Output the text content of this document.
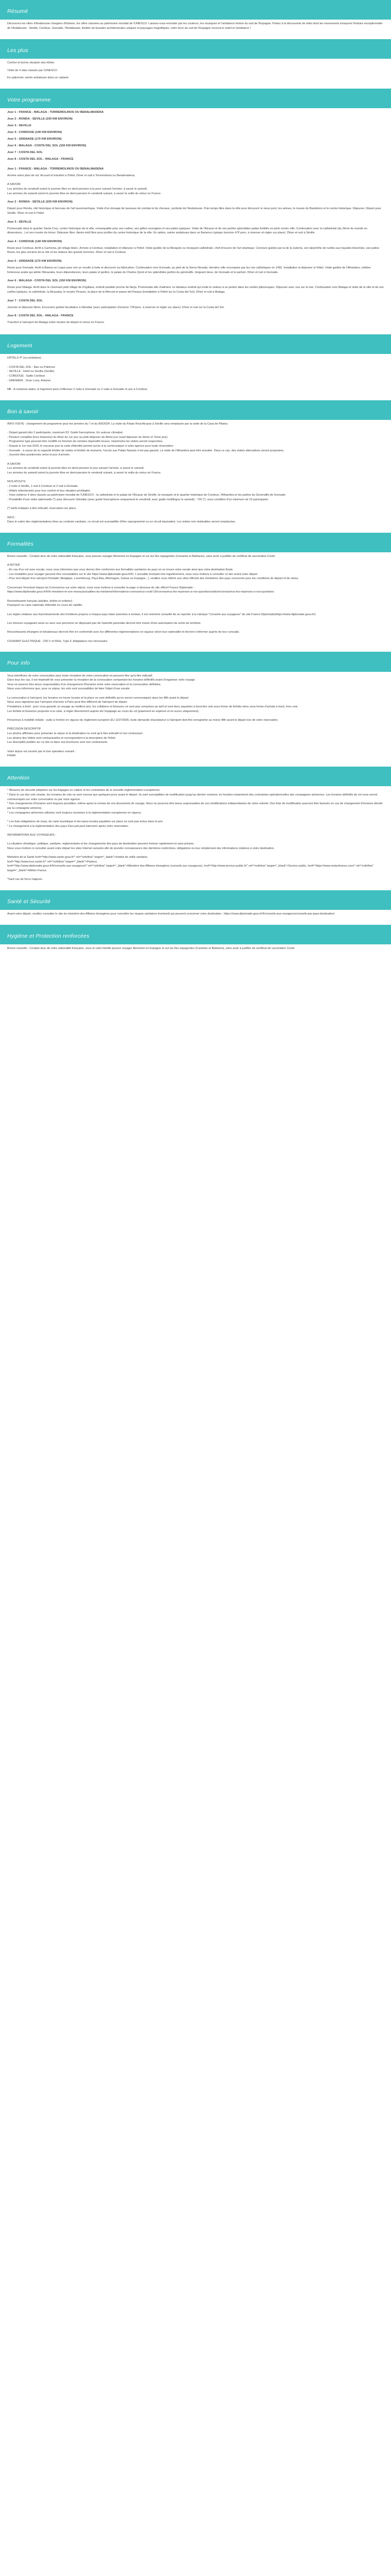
Résumé

Découvrez les villes d'Andalousie chargées d'histoire, les villes classées au patrimoine mondial de l'UNESCO. Laissez-vous envoûter par les couleurs, les musiques et l'ambiance festive du sud de l'Espagne. Partez à la découverte de villes dont les monuments évoquent l'histoire exceptionnelle de l'Andalousie : Séville, Cordoue, Grenade, l'Andalousie, théâtre de beautés architecturales uniques et paysages magnifiques, votre terre du sud de l'Espagne recevra le soleil et l'ambiance !

Les plus
Confort et bonne situation des hôtels
Visite de 4 sites classés par l'UNESCO
En optionnel, soirée andalouse dans un cabaret
Votre programme
Jour 1 : FRANCE - MALAGA - TORREMOLINOS OU BENALMADENA
Jour 2 : RONDA - SEVILLE (230 KM ENVIRON)
Jour 3 : SEVILLE
Jour 4 : CORDOUE (140 KM ENVIRON)
Jour 5 : GRENADE (170 KM ENVIRON)
Jour 6 : MALAGA - COSTA DEL SOL (150 KM ENVIRON)
Jour 7 : COSTA DEL SOL
Jour 8 : COSTA DEL SOL - MALAGA - FRANCE
Jour 1 : FRANCE - MALAGA - TORREMOLINOS OU BENALMADENA
Arrivée selon plan de vol. Accueil et transfert à l'hôtel. Dîner et nuit à Torremolinos ou Benalmadena.

A SAVOIR
Les arrivées du vendredi soient le journée libre en demi-pension à la pour suivant l'arrivée, à savoir le samedi.
Les arrivées du samedi soient le journée libre en demi-pension le vendredi suivant, à savoir la veille du retour en France.
Jour 2 : RONDA - SEVILLE (230 KM ENVIRON)
Départ pour Ronda, cité historique et berceau de l'art tauromachique. Visite d'un élevage de taureaux de combat et de chevaux, symbole de l'Andalousie. Puis temps libre dans la ville pour découvrir le vieux pont, les arènes, le musée du Bandolero et le centre historique. Déjeuner. Départ pour Séville. Dîner et nuit à l'hôtel.
Jour 3 : SEVILLE
Promenade dans le quartier Santa Cruz, centre historique de la ville, remarquable pour ses ruelles, ses grilles ouvragées et ses patios typiques. Visite de l'Alcazar et de ses jardins splendides palais fortifiés en plein centre ville. Continuation avec la cathédrale (du 3ème du monde en dimensions...) et son musée du trésor. Déjeuner libre. Après-midi libre pour profiter du centre historique de la ville. En option, soirée andalouse dans un flamenco typique (environ 47€ pers. à réserver et régler sur place). Dîner et nuit à Séville.
Jour 4 : CORDOUE (140 KM ENVIRON)
Route pour Cordoue. Arrêt à Carmona, joli village blanc. Arrivée à Cordoue, installation et déjeuner à l'hôtel. Visite guidée de la Mosquée ou mosquée-cathédrale, chef-d'oeuvre de l'art islamique. Conclure guidée par la de la Judería, son labyrinthe de ruelles aux façades blanchies, ses patios fleuris, les plus anciens de la cité et les statues des grands hommes. Dîner et nuit à Cordoue.
Jour 5 : GRENADE (170 KM ENVIRON)
Route pour Grenade. Arrêt à Baena ou Luque pour voir un moulin à huile et découvrir sa fabrication. Continuation vers Grenade, au pied de la Sierra Nevada, dernière ville reconquise par les rois catholiques en 1492. Installation et déjeuner à l'hôtel. Visite guidée de l'Alhambra, célèbre forteresse arabe qui abrite l'Alcazaba, leurs dépendances, leurs palais et jardins, le palais de Charles Quint et les splendides jardins du généralife, longeant deux, de Grenade et le parfum. Dîner et nuit à Grenade.
Jour 6 : MALAGA - COSTA DEL SOL (150 KM ENVIRON)
Route pour Malaga. Arrêt dans le charmant petit village de Frigiliana, endroit paisible proche de Nerja. Promenade afin d'admirer ce fabuleux endroit qui invite le visiteur à se perdre dans les ruelles pittoresques. Déjeuner avec vue sur la mer. Continuation vers Malaga et visite de la ville et de ses ruelles typiques, la cathédrale, la Alcazaba, le musée Picasso, la place de la Merced et paseo del Parque (installation à l'hôtel sur la Costa del Sol). Dîner et nuit à Malaga.
Jour 7 : COSTA DEL SOL
Journée et déjeuner libres. Excursion guidée facultative à Gibraltar (avec participation d'environ 72€/pers. à réserver et régler sur place). Dîner et nuit sur la Costa del Sol.
Jour 8 : COSTA DEL SOL - MALAGA - FRANCE
Transfert à l'aéroport de Malaga selon horaire de départ et retour en France.
Logement

HÔTELS 4* (ou similaires) :

- COSTA DEL SOL : Ilian ou Palomos
- SEVILLE : Hotel ou Sevilla (Seville)
- CORDOUE : Sallie Cordoue
- GRENADE : Gran Luna, Antares

NB : A certaines dates, le logement peut s'effectuer 2 nuits à Grenade ou 2 nuits à Grenade et une à Cordoue.

Bon à savoir

INFO VISITE : changement de programme pour les arrivées du 7 et du 8/6/2024. La visite du Palais Real Alcazar à Séville sera remplacée par la visite de la Casa de Pilatos.

- Départ garanti dès 2 participants, maximum 53. Guide francophone. En autocar climatisé.
- Pension complète (hors boissons) du dîner du 1er jour au petit déjeuner du 8ème jour (sauf déjeuner du 3ème et 7ème jour).
- Programme type pouvant être modifié en fonction de certains impératifs locaux, néanmoins les visites seront respectées.
- Depuis le 1er mai 2020, le nouveau jour la carte d'identité permet accès à la communiquer à votre agence pour toute réservation.
- Grenade : à cause de la capacité limitée de visites et limitée de tourisme, l'accès aux Palais Nasaris n'est pas garanti. La visite de l'Alhambra peut être annulée. Dans ce cas, des visites alternatives seront proposées.
- Journée libre positionnée selon le jour d'arrivée.

A SAVOIR
Les arrivées du vendredi soient la journée libre en demi-pension le jour suivant l'arrivée, à savoir le samedi.
Les arrivées du samedi soient la journée libre en demi-pension le vendredi suivant, à savoir la veille du retour en France.

NOS ATOUTS
- 2 nuits à Séville, 1 nuit à Cordoue et 2 nuit à Grenade.
- Hôtels sélectionnés pour leur confort et leur situation privilégiée.
- Vous visiterez 4 sites classés au patrimoine mondial de l'UNESCO : la cathédrale et le palais de l'Alcazar de Séville, la mosquée et le quartier historique de Cordoue, l'Alhambra et les jardins du Generalife de Grenade.
- Possibilité d'une visite optionnelle (*) pour découvrir Gibraltar (avec guide francophone uniquement le vendredi, avec guide multilingue le samedi) - 72€ (*), sous condition d'un minimum de 15 participants.

(*) tarifs indiqués à titre indicatif, réservation sur place.

INFO :
Dans le cadre des réglementations liées au contexte sanitaire, ce circuit est susceptible d'être reprogrammé ou un circuit équivalent. Les visites non réalisables seront remplacées.

Formalités

Bonne nouvelle : Compte tenu de votre nationalité française, vous pouvez voyager librement en Espagne et sur les îles espagnoles (Canaries et Baléares), sans avoir à justifier de certificat de vaccination Covid.

A NOTER
- En cas d'un vol avec escale, nous vous informons que vous devrez être conformes aux formalités sanitaires du pays où se trouve votre escale ainsi que votre destination finale.
- Les modalités pour voyager peuvent être consultables sur le site https://www.diplomatie.gouv.fr/fr/. L'actualité évoluant très régulièrement, nous vous invitons à consulter ce lien avant votre départ.
- Pour tout départ d'un aéroport frontalier (Belgique, Luxembourg, Pays-Bas, Allemagne, Suisse ou Espagne...), veuillez vous référer aux sites officiels des ministères des pays concernés pour les conditions de départ et de retour.

Concernant l'éventuel impact du Coronavirus sur votre séjour, nous vous invitons à consulter la page ci-dessous du site officiel France Diplomatie :
https://www.diplomatie.gouv.fr/fr/le-ministere-et-son-reseau/actualites-du-ministere/informations-coronavirus-covid-19/coronavirus-les-reponses-a-vos-questions/article/coronavirus-les-reponses-a-vos-questions

Ressortissants français (adultes, bébés et enfants) :
Passeport ou carte nationale d'identité en cours de validité.

Les règles relatives aux franchissements des frontières propres à chaque pays étant amenées à évoluer, il est vivement conseillé de se reporter à la rubrique "Conseils aux voyageurs" du site France Diplomatie(https://www.diplomatie.gouv.fr/)

Les mineurs voyageant seuls ou avec une personne ne disposant pas de l'autorité parentale devront être munis d'une autorisation de sortie de territoire.

Ressortissants étrangers et binationaux devront être en conformité avec les différentes réglementations en vigueur selon leur nationalité et devront s'informer auprès de leur consulat.

COURANT ELECTRIQUE : 230 V et 50Hz, Type F. Adaptateur non nécessaire.

Pour info

Vous bénéficiez de votre convocation pour toute réception de votre convocation ne peuvent être qu'à titre indicatif.
Dans tous les cas, il est impératif de vous présenter la réception de la convocation comportant les horaires définitifs avant d'organiser votre voyage.
Vous ne pourrez être tenus responsables d'un changement d'horaires entre votre réservation et la convocation définitive.
Nous vous informons que, pour ce séjour, les vols sont susceptibles de faire l'objet d'une escale.

La convocation à l'aéroport, les horaires en heure locales et la place ne sont définitifs qu'un seront communiqués dans les 48h avant le départ.
Nous vous signalons que l'aéroport d'arrivée à Paris peut être différent de l'aéroport de départ.
Prestations à bord : pour vous garantir un voyage au meilleur prix, les collations et boissons ne sont pas comprises au tarif et sont donc payantes à bord des vols sous forme de forfaits et/ou sous forme d'achats à bord, hors vols.
Les forfaits et boissons proposés à la carte, à régler directement auprès de l'équipage au cours du vol (paiement en espèces et en euros uniquement).

Personnes à mobilité réduite : suite à l'entrée en vigueur du règlement européen EU 1107/2006, toute demande d'assistance à l'aéroport doit être enregistrée au moins 48h avant le départ lors de votre réservation.

PRÉCISION DESCRIPTIF
Les photos affichées pour présenter le séjour et la destination ne sont qu'à titre indicatif et non contractuel.
Les photos des hôtels sont contractuelles et correspondent à la description de l'hôtel.
Les descriptifs publiés sur ce site et dans nos brochures sont non contractuels.

Votre séjour est soumis par le tour opérateur suivant :
FRAM

Attention

* Mesures de sécurité adoptées sur les bagages en cabine et les contraintes de la nouvelle réglementation européenne.
* Dans le cas des vols charter, les horaires de vols ne sont connus que quelques jours avant le départ. Ils sont susceptibles de modification jusqu'au dernier moment, en fonction notamment des contraintes opérationnelles des compagnies aériennes. Les horaires définitifs de vol vous seront communiqués sur votre convocation ou par votre agence.
* Des changements d'horaires sont toujours possibles, même après la remise de vos documents de voyage. Nous ne pouvons être tenus responsables de ces modifications indépendantes de notre volonté. Des frais de modification pourront être facturés en cas de changement d'horaires décidé par la compagnie aérienne.
* Les compagnies aériennes utilisées sont toujours soumises à la réglementation européenne en vigueur.

* Les frais obligatoires de visas, de carte touristique et les taxes locales payables sur place ne sont pas inclus dans le prix.
* Le changement à la réglementation des pays d'accueil peut intervenir après votre réservation.

INFORMATIONS AUX VOYAGEURS :

La situation climatique, politique, sanitaire, réglementaire et les changements des pays de destination peuvent évoluer rapidement et sans préavis.
Nous vous invitons à consulter avant votre départ les sites Internet suivants afin de prendre connaissance des dernières restrictions, obligations ou leur simplement des informations relatives à votre destination.

Ministère de la Santé href="http://www.sante.gouv.fr/" rel="nofollow" target="_blank">Institut de veille sanitaire,
href="http://www.invs.sante.fr/" rel="nofollow" target="_blank">Pasteur,
href="http://www.diplomatie.gouv.fr/fr/conseils-aux-voyageurs/" rel="nofollow" target="_blank">Ministère des Affaires étrangères (conseils aux voyageurs), href="http://www.service-public.fr/" rel="nofollow" target="_blank">Service public, href="https://www.meteofrance.com/" rel="nofollow" target="_blank">Météo France.

*Sauf cas de force majeure.

Santé et Sécurité

Avant votre départ, veuillez consulter le site du ministère des Affaires étrangères pour connaître les risques sanitaires éventuels qui peuvent concerner votre destination : https://www.diplomatie.gouv.fr/fr/conseils-aux-voyageurs/conseils-par-pays-destination/

Hygiène et Protection renforcées

Bonne nouvelle : Compte tenu de votre nationalité française, vous et votre famille pouvez voyager librement en Espagne et sur les îles espagnoles (Canaries et Baléares), sans avoir à justifier de certificat de vaccination Covid.
